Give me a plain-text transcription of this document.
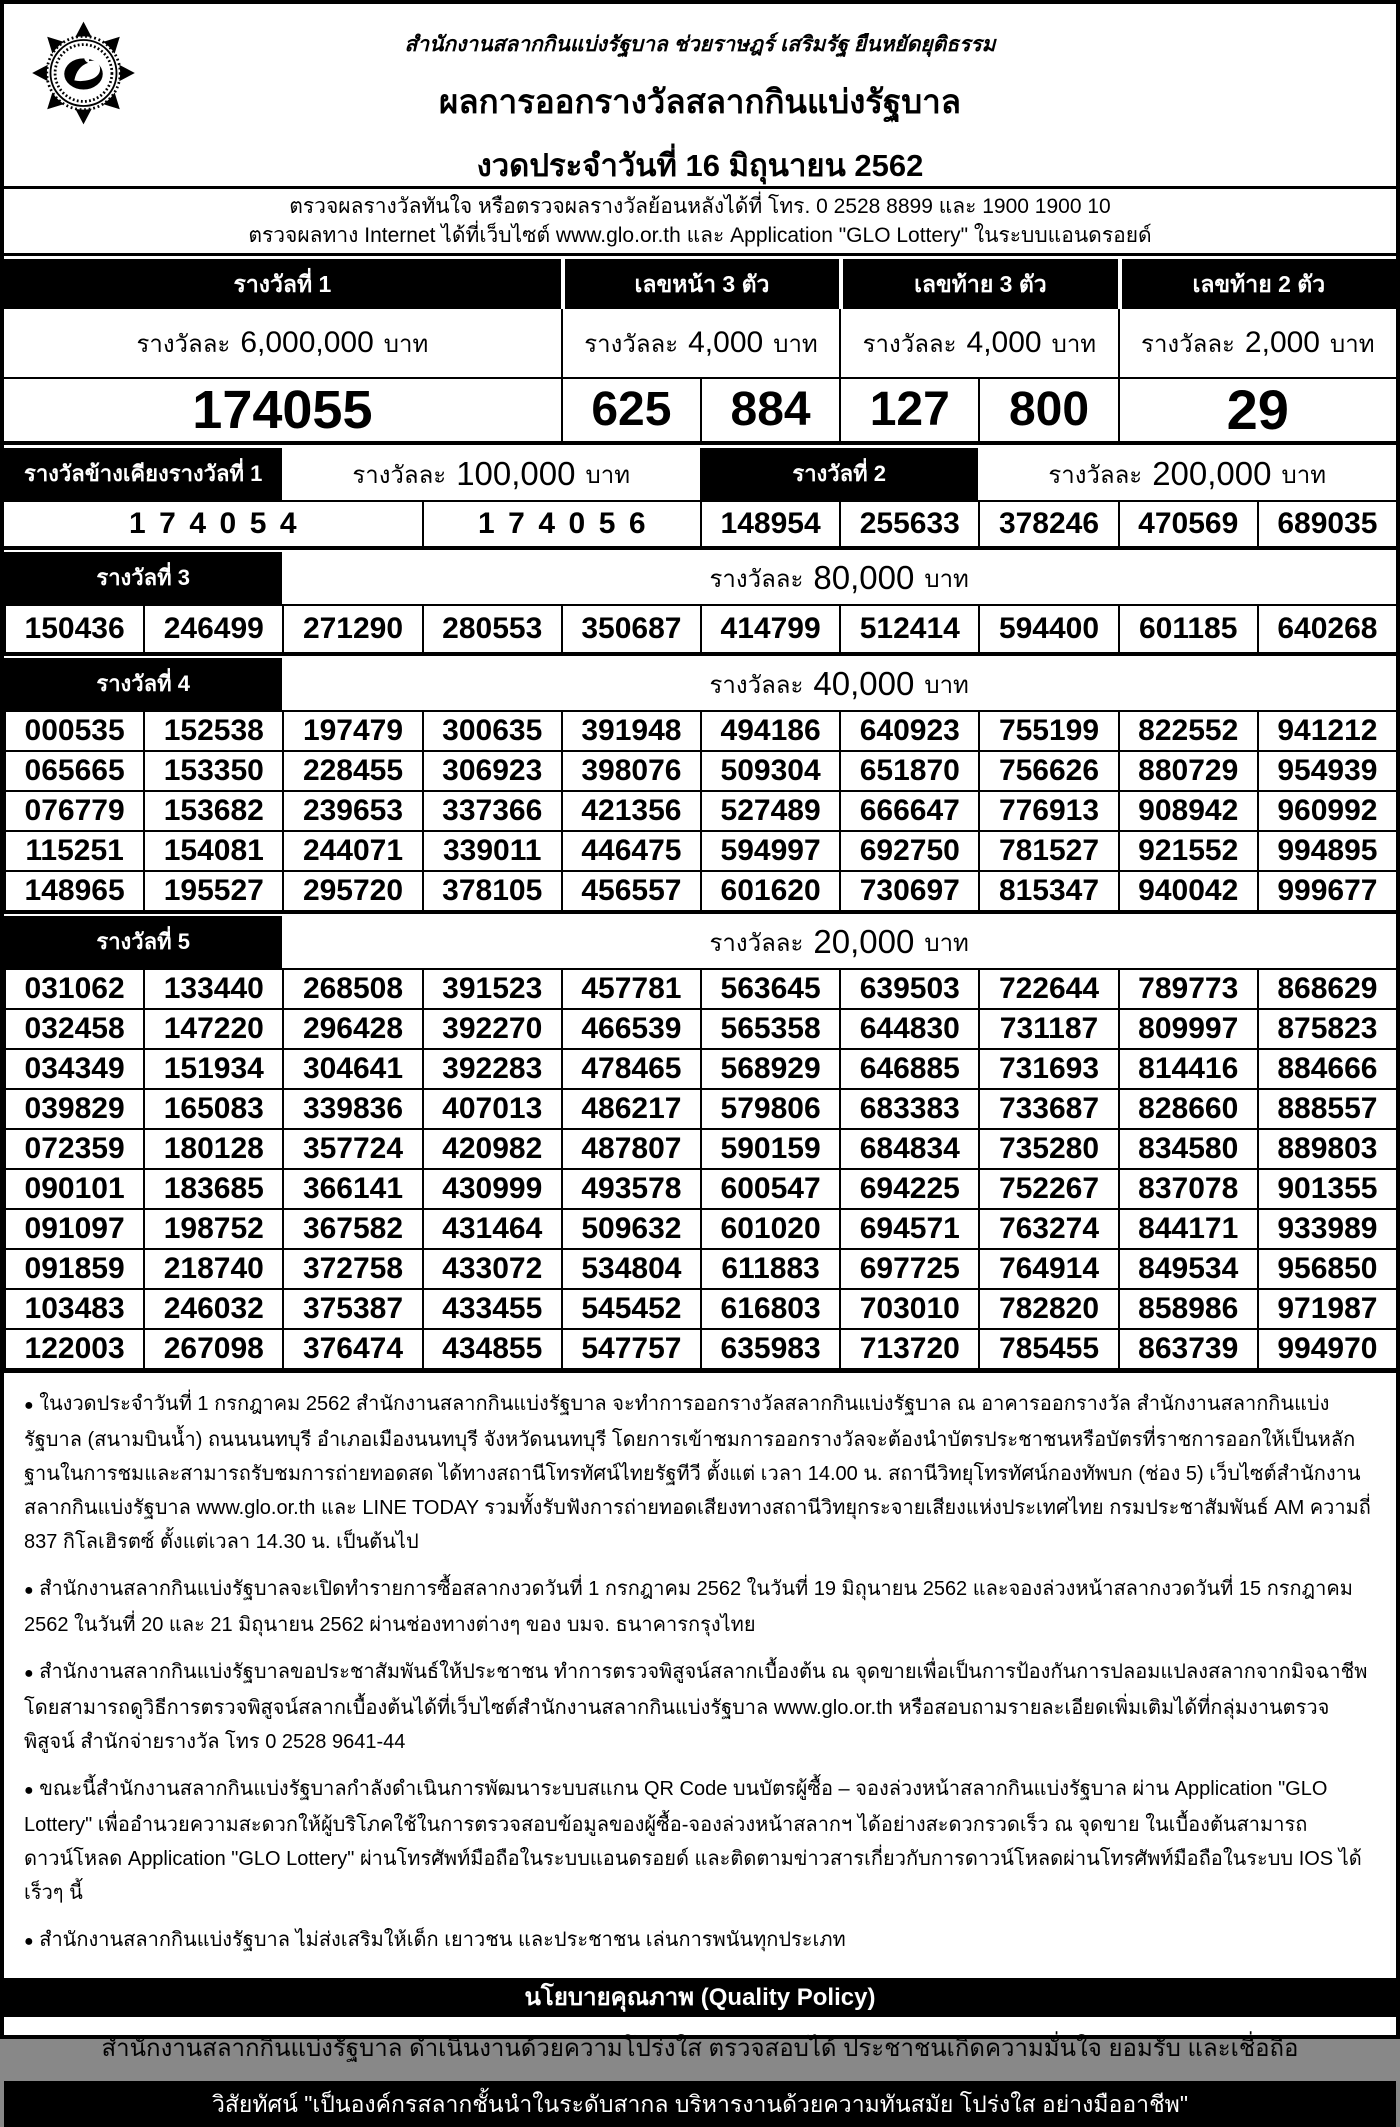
สำนักงานสลากกินแบ่งรัฐบาล ช่วยราษฎร์ เสริมรัฐ ยืนหยัดยุติธรรม
ผลการออกรางวัลสลากกินแบ่งรัฐบาล
งวดประจำวันที่ 16 มิถุนายน 2562
ตรวจผลรางวัลทันใจ หรือตรวจผลรางวัลย้อนหลังได้ที่ โทร. 0 2528 8899 และ 1900 1900 10
ตรวจผลทาง Internet ได้ที่เว็บไซต์ www.glo.or.th และ Application "GLO Lottery" ในระบบแอนดรอยด์
รางวัลที่ 1	เลขหน้า 3 ตัว	เลขท้าย 3 ตัว	เลขท้าย 2 ตัว
รางวัลละ 6,000,000 บาท	รางวัลละ 4,000 บาท รางวัลละ 4,000 บาท รางวัลละ 2,000 บาท
174055	625	884	127	800	29
รางวัลข้างเคียงรางวัลที่ 1	รางวัลละ 100,000 บาท	รางวัลที่ 2	รางวัลละ 200,000 บาท
174054	174056	148954	255633	378246	470569	689035
รางวัลที่ 3	รางวัลละ 80,000 บาท
150436	246499	271290	280553	350687	414799	512414	594400	601185	640268
รางวัลที่ 4	รางวัลละ 40,000 บาท
000535	152538	197479	300635	391948	494186	640923	755199	822552	941212
065665	153350	228455	306923	398076	509304	651870	756626	880729	954939
076779	153682	239653	337366	421356	527489	666647	776913	908942	960992
115251	154081	244071	339011	446475	594997	692750	781527	921552	994895
148965	195527	295720	378105	456557	601620	730697	815347	940042	999677
รางวัลที่ 5	รางวัลละ 20,000 บาท
031062	133440	268508	391523	457781	563645	639503	722644	789773	868629
032458	147220	296428	392270	466539	565358	644830	731187	809997	875823
034349	151934	304641	392283	478465	568929	646885	731693	814416	884666
039829	165083	339836	407013	486217	579806	683383	733687	828660	888557
072359	180128	357724	420982	487807	590159	684834	735280	834580	889803
090101	183685	366141	430999	493578	600547	694225	752267	837078	901355
091097	198752	367582	431464	509632	601020	694571	763274	844171	933989
091859	218740	372758	433072	534804	611883	697725	764914	849534	956850
103483	246032	375387	433455	545452	616803	703010	782820	858986	971987
122003	267098	376474	434855	547757	635983	713720	785455	863739	994970

● ในงวดประจำวันที่ 1 กรกฎาคม 2562 สำนักงานสลากกินแบ่งรัฐบาล จะทำการออกรางวัลสลากกินแบ่งรัฐบาล ณ อาคารออกรางวัล สำนักงานสลากกินแบ่งรัฐบาล (สนามบินน้ำ) ถนนนนทบุรี อำเภอเมืองนนทบุรี จังหวัดนนทบุรี โดยการเข้าชมการออกรางวัลจะต้องนำบัตรประชาชนหรือบัตรที่ราชการออกให้เป็นหลักฐานในการชมและสามารถรับชมการถ่ายทอดสด ได้ทางสถานีโทรทัศน์ไทยรัฐทีวี ตั้งแต่ เวลา 14.00 น. สถานีวิทยุโทรทัศน์กองทัพบก (ช่อง 5) เว็บไซต์สำนักงานสลากกินแบ่งรัฐบาล www.glo.or.th และ LINE TODAY รวมทั้งรับฟังการถ่ายทอดเสียงทางสถานีวิทยุกระจายเสียงแห่งประเทศไทย กรมประชาสัมพันธ์ AM ความถี่ 837 กิโลเฮิรตซ์ ตั้งแต่เวลา 14.30 น. เป็นต้นไป

● สำนักงานสลากกินแบ่งรัฐบาลจะเปิดทำรายการซื้อสลากงวดวันที่ 1 กรกฎาคม 2562 ในวันที่ 19 มิถุนายน 2562 และจองล่วงหน้าสลากงวดวันที่ 15 กรกฎาคม 2562 ในวันที่ 20 และ 21 มิถุนายน 2562 ผ่านช่องทางต่างๆ ของ บมจ. ธนาคารกรุงไทย

● สำนักงานสลากกินแบ่งรัฐบาลขอประชาสัมพันธ์ให้ประชาชน ทำการตรวจพิสูจน์สลากเบื้องต้น ณ จุดขายเพื่อเป็นการป้องกันการปลอมแปลงสลากจากมิจฉาชีพโดยสามารถดูวิธีการตรวจพิสูจน์สลากเบื้องต้นได้ที่เว็บไซต์สำนักงานสลากกินแบ่งรัฐบาล www.glo.or.th หรือสอบถามรายละเอียดเพิ่มเติมได้ที่กลุ่มงานตรวจพิสูจน์ สำนักจ่ายรางวัล โทร 0 2528 9641-44

● ขณะนี้สำนักงานสลากกินแบ่งรัฐบาลกำลังดำเนินการพัฒนาระบบสแกน QR Code บนบัตรผู้ซื้อ – จองล่วงหน้าสลากกินแบ่งรัฐบาล ผ่าน Application "GLO Lottery" เพื่ออำนวยความสะดวกให้ผู้บริโภคใช้ในการตรวจสอบข้อมูลของผู้ซื้อ-จองล่วงหน้าสลากฯ ได้อย่างสะดวกรวดเร็ว ณ จุดขาย ในเบื้องต้นสามารถดาวน์โหลด Application "GLO Lottery" ผ่านโทรศัพท์มือถือในระบบแอนดรอยด์ และติดตามข่าวสารเกี่ยวกับการดาวน์โหลดผ่านโทรศัพท์มือถือในระบบ IOS ได้เร็วๆ นี้

● สำนักงานสลากกินแบ่งรัฐบาล ไม่ส่งเสริมให้เด็ก เยาวชน และประชาชน เล่นการพนันทุกประเภท

นโยบายคุณภาพ (Quality Policy)
สำนักงานสลากกินแบ่งรัฐบาล ดำเนินงานด้วยความโปร่งใส ตรวจสอบได้ ประชาชนเกิดความมั่นใจ ยอมรับ และเชื่อถือ
วิสัยทัศน์ "เป็นองค์กรสลากชั้นนำในระดับสากล บริหารงานด้วยความทันสมัย โปร่งใส อย่างมืออาชีพ"
